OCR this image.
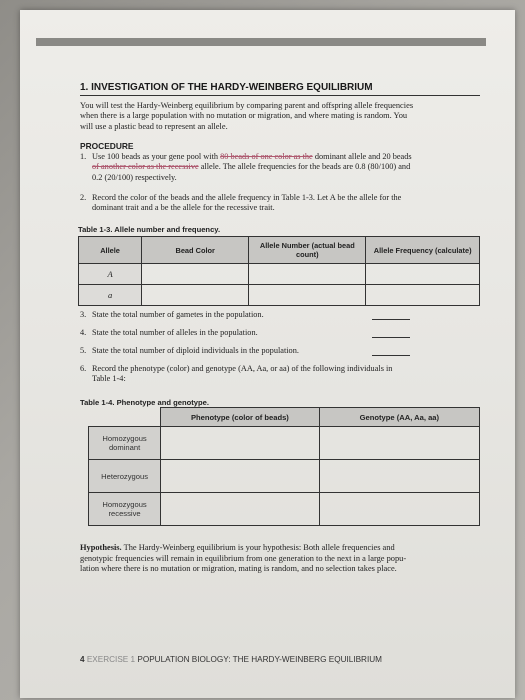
1. INVESTIGATION OF THE HARDY-WEINBERG EQUILIBRIUM
You will test the Hardy-Weinberg equilibrium by comparing parent and offspring allele frequencies
when there is a large population with no mutation or migration, and where mating is random. You
will use a plastic bead to represent an allele.
PROCEDURE
1. Use 100 beads as your gene pool with 80 beads of one color as the dominant allele and 20 beads
of another color as the recessive allele. The allele frequencies for the beads are 0.8 (80/100) and
0.2 (20/100) respectively.
2. Record the color of the beads and the allele frequency in Table 1-3. Let A be the allele for the
dominant trait and a be the allele for the recessive trait.
Table 1-3. Allele number and frequency.
Allele	Bead Color	Allele Number (actual bead count)	Allele Frequency (calculate)
A			
a			
3. State the total number of gametes in the population.
4. State the total number of alleles in the population.
5. State the total number of diploid individuals in the population.
6. Record the phenotype (color) and genotype (AA, Aa, or aa) of the following individuals in
Table 1-4:
Table 1-4. Phenotype and genotype.
	Phenotype (color of beads)	Genotype (AA, Aa, aa)

Homozygous
dominant		

Heterozygous		

Homozygous
recessive		

Hypothesis. The Hardy-Weinberg equilibrium is your hypothesis: Both allele frequencies and
genotypic frequencies will remain in equilibrium from one generation to the next in a large popu-
lation where there is no mutation or migration, mating is random, and no selection takes place.
4 EXERCISE 1 POPULATION BIOLOGY: THE HARDY-WEINBERG EQUILIBRIUM
